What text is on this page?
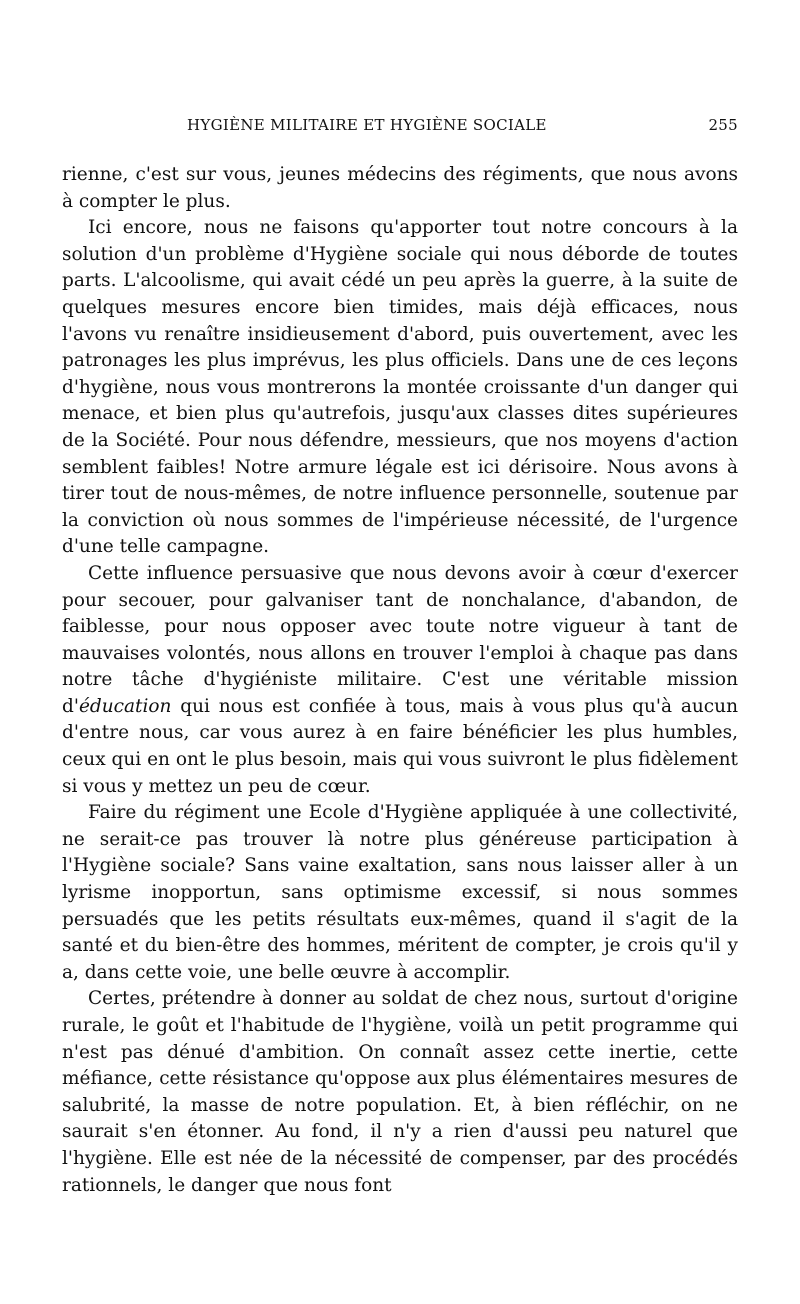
HYGIÈNE MILITAIRE ET HYGIÈNE SOCIALE	255

rienne, c'est sur vous, jeunes médecins des régiments, que nous avons à compter le plus.

Ici encore, nous ne faisons qu'apporter tout notre concours à la solution d'un problème d'Hygiène sociale qui nous déborde de toutes parts. L'alcoolisme, qui avait cédé un peu après la guerre, à la suite de quelques mesures encore bien timides, mais déjà efficaces, nous l'avons vu renaître insidieusement d'abord, puis ouvertement, avec les patronages les plus imprévus, les plus officiels. Dans une de ces leçons d'hygiène, nous vous montrerons la montée croissante d'un danger qui menace, et bien plus qu'autrefois, jusqu'aux classes dites supérieures de la Société. Pour nous défendre, messieurs, que nos moyens d'action semblent faibles! Notre armure légale est ici dérisoire. Nous avons à tirer tout de nous-mêmes, de notre influence personnelle, soutenue par la conviction où nous sommes de l'impérieuse nécessité, de l'urgence d'une telle campagne.

Cette influence persuasive que nous devons avoir à cœur d'exercer pour secouer, pour galvaniser tant de nonchalance, d'abandon, de faiblesse, pour nous opposer avec toute notre vigueur à tant de mauvaises volontés, nous allons en trouver l'emploi à chaque pas dans notre tâche d'hygiéniste militaire. C'est une véritable mission d'éducation qui nous est confiée à tous, mais à vous plus qu'à aucun d'entre nous, car vous aurez à en faire bénéficier les plus humbles, ceux qui en ont le plus besoin, mais qui vous suivront le plus fidèlement si vous y mettez un peu de cœur.

Faire du régiment une Ecole d'Hygiène appliquée à une collectivité, ne serait-ce pas trouver là notre plus généreuse participation à l'Hygiène sociale? Sans vaine exaltation, sans nous laisser aller à un lyrisme inopportun, sans optimisme excessif, si nous sommes persuadés que les petits résultats eux-mêmes, quand il s'agit de la santé et du bien-être des hommes, méritent de compter, je crois qu'il y a, dans cette voie, une belle œuvre à accomplir.

Certes, prétendre à donner au soldat de chez nous, surtout d'origine rurale, le goût et l'habitude de l'hygiène, voilà un petit programme qui n'est pas dénué d'ambition. On connaît assez cette inertie, cette méfiance, cette résistance qu'oppose aux plus élémentaires mesures de salubrité, la masse de notre population. Et, à bien réfléchir, on ne saurait s'en étonner. Au fond, il n'y a rien d'aussi peu naturel que l'hygiène. Elle est née de la nécessité de compenser, par des procédés rationnels, le danger que nous font
